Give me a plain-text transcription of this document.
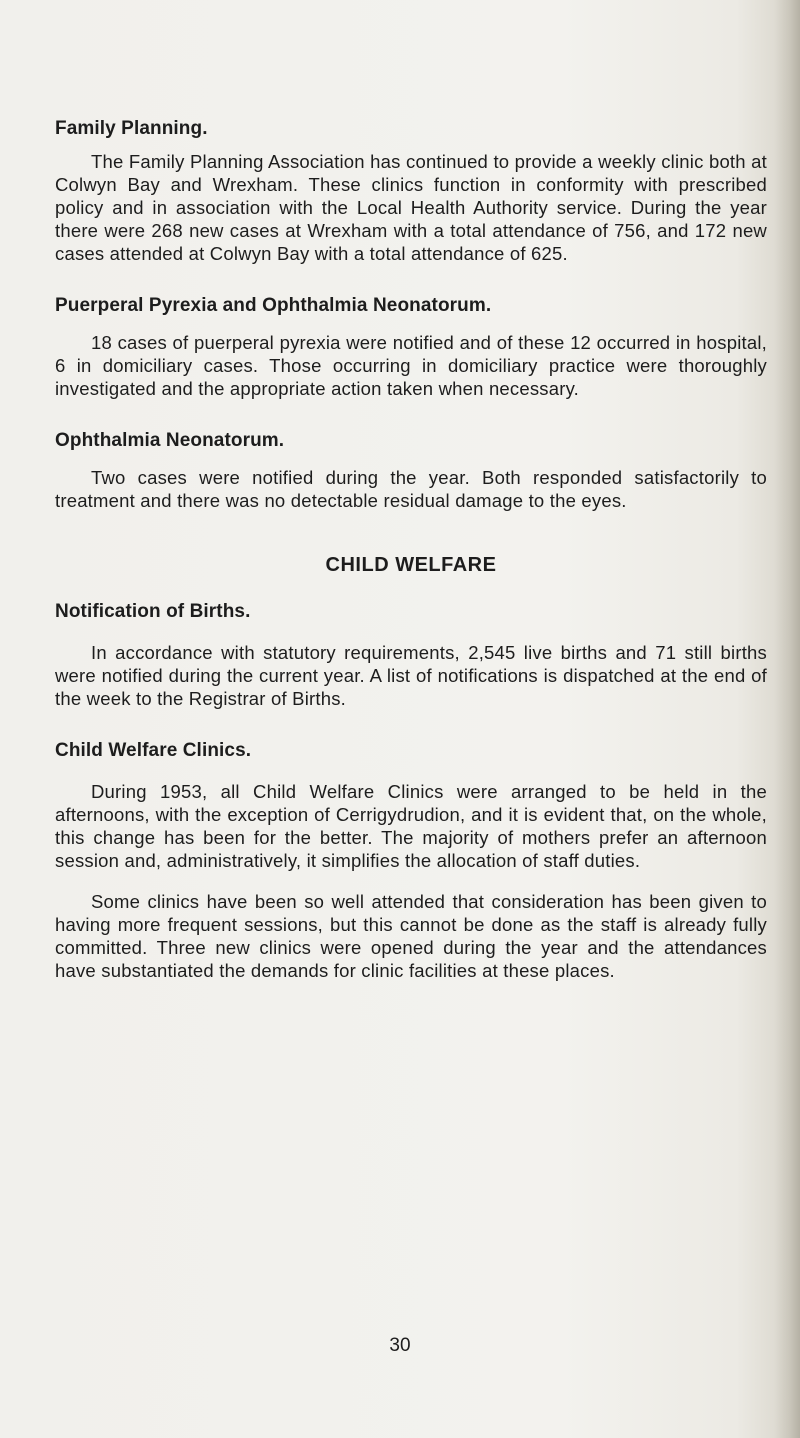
Family Planning.

The Family Planning Association has continued to provide a weekly clinic both at Colwyn Bay and Wrexham. These clinics function in conformity with prescribed policy and in association with the Local Health Authority service. During the year there were 268 new cases at Wrexham with a total attendance of 756, and 172 new cases attended at Colwyn Bay with a total attendance of 625.

Puerperal Pyrexia and Ophthalmia Neonatorum.

18 cases of puerperal pyrexia were notified and of these 12 occurred in hospital, 6 in domiciliary cases. Those occurring in domiciliary practice were thoroughly investigated and the appropriate action taken when necessary.

Ophthalmia Neonatorum.

Two cases were notified during the year. Both responded satisfactorily to treatment and there was no detectable residual damage to the eyes.

CHILD WELFARE
Notification of Births.

In accordance with statutory requirements, 2,545 live births and 71 still births were notified during the current year. A list of notifications is dispatched at the end of the week to the Registrar of Births.

Child Welfare Clinics.

During 1953, all Child Welfare Clinics were arranged to be held in the afternoons, with the exception of Cerrigydrudion, and it is evident that, on the whole, this change has been for the better. The majority of mothers prefer an afternoon session and, administratively, it simplifies the allocation of staff duties.

Some clinics have been so well attended that consideration has been given to having more frequent sessions, but this cannot be done as the staff is already fully committed. Three new clinics were opened during the year and the attendances have substantiated the demands for clinic facilities at these places.

30
